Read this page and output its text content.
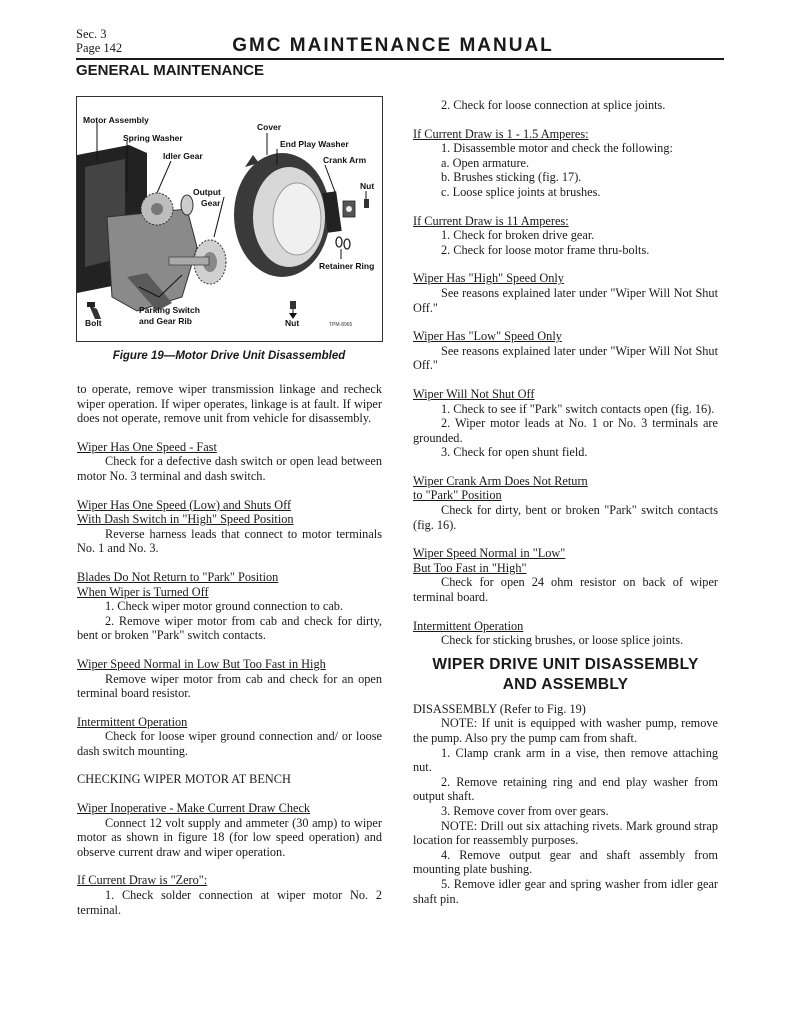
Sec. 3
Page 142	GMC MAINTENANCE MANUAL
GENERAL MAINTENANCE
Motor Assembly
Spring Washer
Idler Gear
Output
Gear
Cover
End Play Washer
Crank Arm
Nut
Retainer Ring
Parking Switch
and Gear Rib
Bolt	Nut	TPM-8965
Figure 19—Motor Drive Unit Disassembled

to operate, remove wiper transmission linkage and recheck wiper operation. If wiper operates, linkage is at fault. If wiper does not operate, remove unit from vehicle for disassembly.

Wiper Has One Speed - Fast

Check for a defective dash switch or open lead between motor No. 3 terminal and dash switch.

Wiper Has One Speed (Low) and Shuts Off

With Dash Switch in "High" Speed Position

Reverse harness leads that connect to motor terminals No. 1 and No. 3.

Blades Do Not Return to "Park" Position

When Wiper is Turned Off

1. Check wiper motor ground connection to cab.

2. Remove wiper motor from cab and check for dirty, bent or broken "Park" switch contacts.

Wiper Speed Normal in Low But Too Fast in High

Remove wiper motor from cab and check for an open terminal board resistor.

Intermittent Operation

Check for loose wiper ground connection and/ or loose dash switch mounting.

CHECKING WIPER MOTOR AT BENCH

Wiper Inoperative - Make Current Draw Check

Connect 12 volt supply and ammeter (30 amp) to wiper motor as shown in figure 18 (for low speed operation) and observe current draw and wiper operation.

If Current Draw is "Zero":

1. Check solder connection at wiper motor No. 2 terminal.

2. Check for loose connection at splice joints.

If Current Draw is 1 - 1.5 Amperes:

1. Disassemble motor and check the following:

a. Open armature.

b. Brushes sticking (fig. 17).

c. Loose splice joints at brushes.

If Current Draw is 11 Amperes:

1. Check for broken drive gear.

2. Check for loose motor frame thru-bolts.

Wiper Has "High" Speed Only

See reasons explained later under "Wiper Will Not Shut Off."

Wiper Has "Low" Speed Only

See reasons explained later under "Wiper Will Not Shut Off."

Wiper Will Not Shut Off

1. Check to see if "Park" switch contacts open (fig. 16).

2. Wiper motor leads at No. 1 or No. 3 terminals are grounded.

3. Check for open shunt field.

Wiper Crank Arm Does Not Return

to "Park" Position

Check for dirty, bent or broken "Park" switch contacts (fig. 16).

Wiper Speed Normal in "Low"

But Too Fast in "High"

Check for open 24 ohm resistor on back of wiper terminal board.

Intermittent Operation

Check for sticking brushes, or loose splice joints.

WIPER DRIVE UNIT DISASSEMBLY
AND ASSEMBLY

DISASSEMBLY (Refer to Fig. 19)

NOTE: If unit is equipped with washer pump, remove the pump. Also pry the pump cam from shaft.

1. Clamp crank arm in a vise, then remove attaching nut.

2. Remove retaining ring and end play washer from output shaft.

3. Remove cover from over gears.

NOTE: Drill out six attaching rivets. Mark ground strap location for reassembly purposes.

4. Remove output gear and shaft assembly from mounting plate bushing.

5. Remove idler gear and spring washer from idler gear shaft pin.
